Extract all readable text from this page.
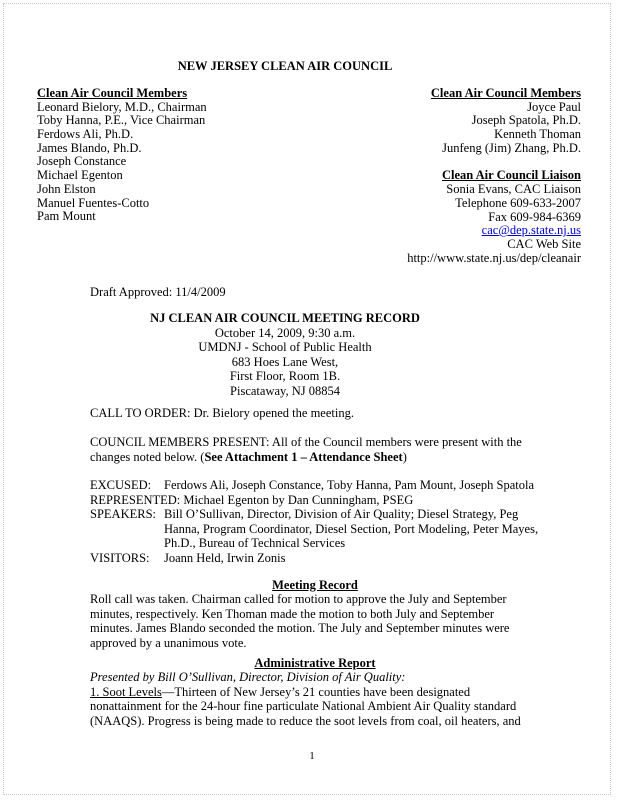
NEW JERSEY CLEAN AIR COUNCIL
Clean Air Council Members
Leonard Bielory, M.D., Chairman
Toby Hanna, P.E., Vice Chairman
Ferdows Ali, Ph.D.
James Blando, Ph.D.
Joseph Constance
Michael Egenton
John Elston
Manuel Fuentes-Cotto
Pam Mount
Clean Air Council Members
Joyce Paul
Joseph Spatola, Ph.D.
Kenneth Thoman
Junfeng (Jim) Zhang, Ph.D.
Clean Air Council Liaison
Sonia Evans, CAC Liaison
Telephone 609-633-2007
Fax 609-984-6369
cac@dep.state.nj.us
CAC Web Site
http://www.state.nj.us/dep/cleanair
Draft Approved: 11/4/2009
NJ CLEAN AIR COUNCIL MEETING RECORD
October 14, 2009, 9:30 a.m.
UMDNJ - School of Public Health
683 Hoes Lane West,
First Floor, Room 1B.
Piscataway, NJ 08854
CALL TO ORDER: Dr. Bielory opened the meeting.
COUNCIL MEMBERS PRESENT: All of the Council members were present with the
changes noted below. (See Attachment 1 – Attendance Sheet)
EXCUSED: Ferdows Ali, Joseph Constance, Toby Hanna, Pam Mount, Joseph Spatola
REPRESENTED: Michael Egenton by Dan Cunningham, PSEG
SPEAKERS: Bill O’Sullivan, Director, Division of Air Quality; Diesel Strategy, Peg
Hanna, Program Coordinator, Diesel Section, Port Modeling, Peter Mayes,
Ph.D., Bureau of Technical Services
VISITORS: Joann Held, Irwin Zonis
Meeting Record
Roll call was taken. Chairman called for motion to approve the July and September
minutes, respectively. Ken Thoman made the motion to both July and September
minutes. James Blando seconded the motion. The July and September minutes were
approved by a unanimous vote.
Administrative Report
Presented by Bill O’Sullivan, Director, Division of Air Quality:
1. Soot Levels—Thirteen of New Jersey’s 21 counties have been designated
nonattainment for the 24-hour fine particulate National Ambient Air Quality standard
(NAAQS). Progress is being made to reduce the soot levels from coal, oil heaters, and
1
